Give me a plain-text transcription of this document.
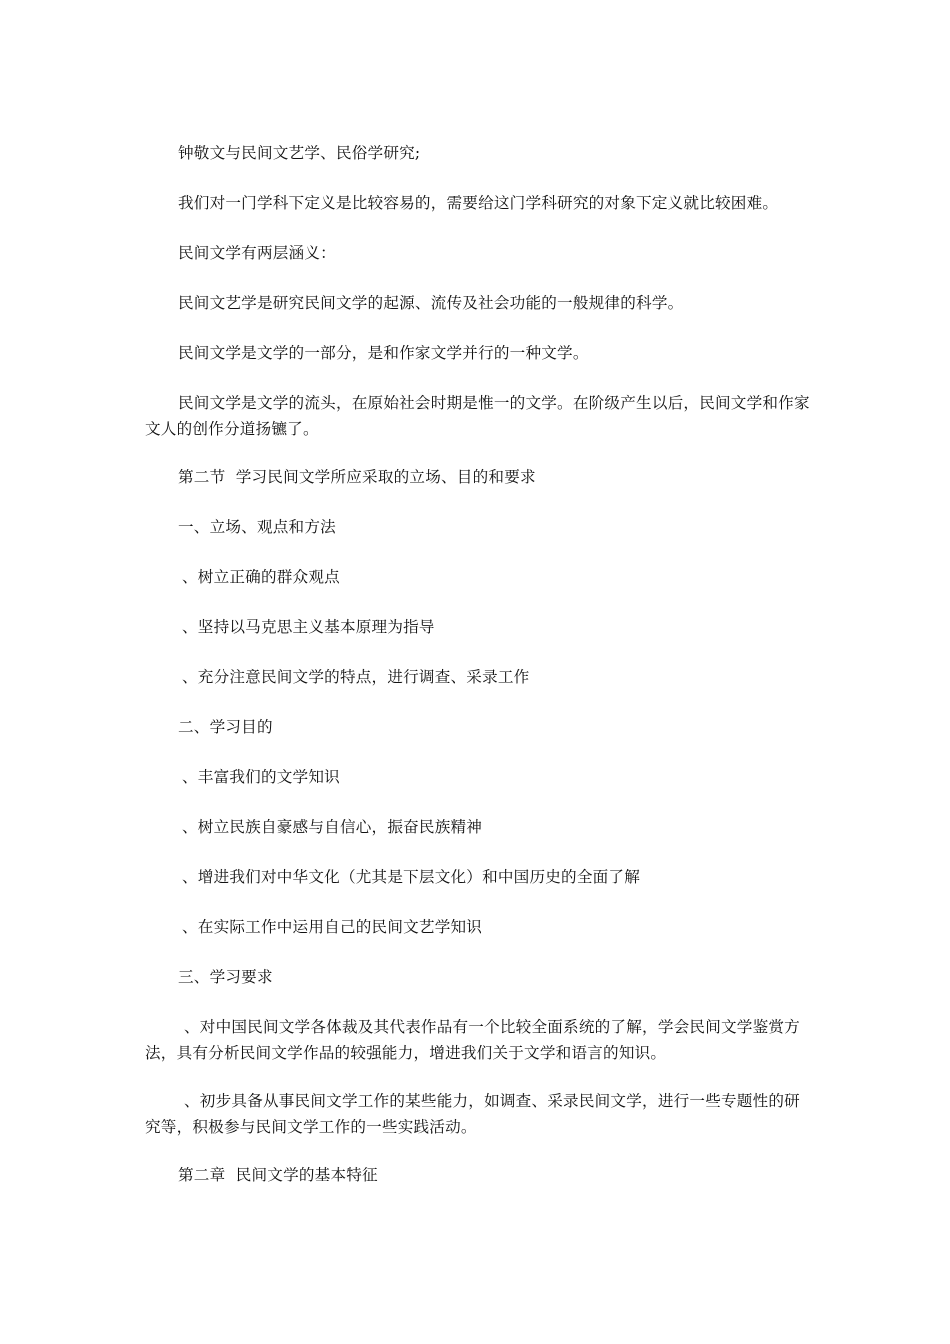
钟敬文与民间文艺学、民俗学研究;

我们对一门学科下定义是比较容易的，需要给这门学科研究的对象下定义就比较困难。

民间文学有两层涵义：

民间文艺学是研究民间文学的起源、流传及社会功能的一般规律的科学。

民间文学是文学的一部分，是和作家文学并行的一种文学。

民间文学是文学的流头，在原始社会时期是惟一的文学。在阶级产生以后，民间文学和作家文人的创作分道扬镳了。

第二节  学习民间文学所应采取的立场、目的和要求

一、立场、观点和方法

、树立正确的群众观点

、坚持以马克思主义基本原理为指导

、充分注意民间文学的特点，进行调查、采录工作

二、学习目的

、丰富我们的文学知识

、树立民族自豪感与自信心，振奋民族精神

、增进我们对中华文化（尤其是下层文化）和中国历史的全面了解

、在实际工作中运用自己的民间文艺学知识

三、学习要求

、对中国民间文学各体裁及其代表作品有一个比较全面系统的了解，学会民间文学鉴赏方法，具有分析民间文学作品的较强能力，增进我们关于文学和语言的知识。

、初步具备从事民间文学工作的某些能力，如调查、采录民间文学，进行一些专题性的研究等，积极参与民间文学工作的一些实践活动。

第二章  民间文学的基本特征
